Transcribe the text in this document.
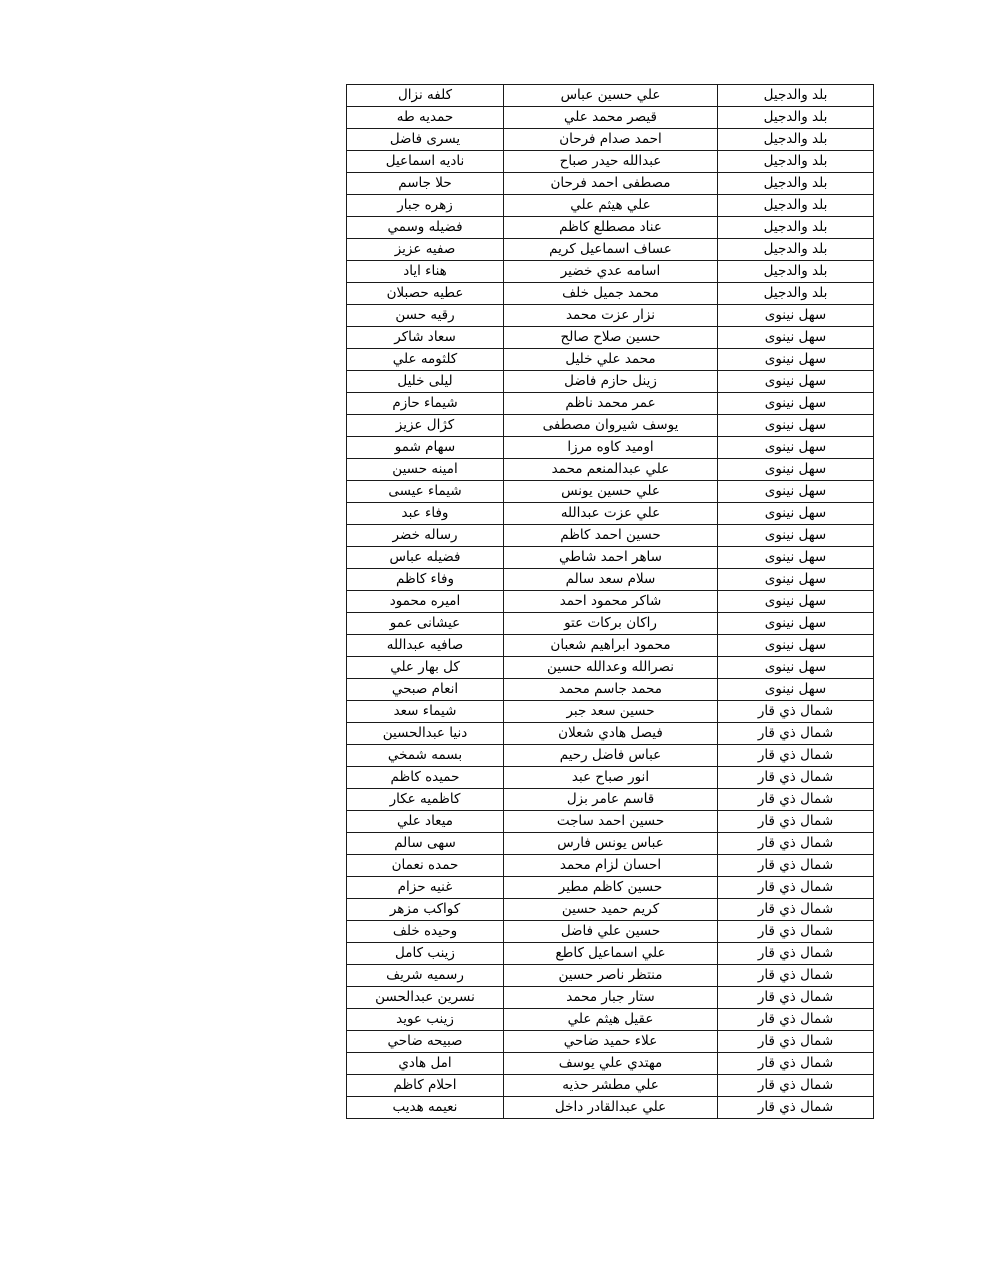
بلد والدجيل	علي حسين عباس	كلفه نزال
بلد والدجيل	قيصر محمد علي	حمديه طه
بلد والدجيل	احمد صدام فرحان	يسرى فاضل
بلد والدجيل	عبدالله حيدر صباح	ناديه اسماعيل
بلد والدجيل	مصطفى احمد فرحان	حلا جاسم
بلد والدجيل	علي هيثم علي	زهره جبار
بلد والدجيل	عناد مصطلع كاظم	فضيله وسمي
بلد والدجيل	عساف اسماعيل كريم	صفيه عزيز
بلد والدجيل	اسامه عدي خضير	هناء اياد
بلد والدجيل	محمد جميل خلف	عطيه حصبلان
سهل نينوى	نزار عزت محمد	رقيه حسن
سهل نينوى	حسين صلاح صالح	سعاد شاكر
سهل نينوى	محمد علي خليل	كلثومه علي
سهل نينوى	زينل حازم فاضل	ليلى خليل
سهل نينوى	عمر محمد ناظم	شيماء حازم
سهل نينوى	يوسف شيروان مصطفى	كژال عزيز
سهل نينوى	اوميد كاوه مرزا	سهام شمو
سهل نينوى	علي عبدالمنعم محمد	امينه حسين
سهل نينوى	علي حسين يونس	شيماء عيسى
سهل نينوى	علي عزت عبدالله	وفاء عبد
سهل نينوى	حسين احمد كاظم	رساله خضر
سهل نينوى	ساهر احمد شاطي	فضيله عباس
سهل نينوى	سلام سعد سالم	وفاء كاظم
سهل نينوى	شاكر محمود احمد	اميره محمود
سهل نينوى	راكان بركات عتو	عيشانى عمو
سهل نينوى	محمود ابراهيم شعبان	صافيه عبدالله
سهل نينوى	نصرالله وعدالله حسين	كل بهار علي
سهل نينوى	محمد جاسم محمد	انعام صبحي
شمال ذي قار	حسين سعد جبر	شيماء سعد
شمال ذي قار	فيصل هادي شعلان	دنيا عبدالحسين
شمال ذي قار	عباس فاضل رحيم	بسمه شمخي
شمال ذي قار	انور صباح عبد	حميده كاظم
شمال ذي قار	قاسم عامر بزل	كاظميه عكار
شمال ذي قار	حسين احمد ساجت	ميعاد علي
شمال ذي قار	عباس يونس فارس	سهى سالم
شمال ذي قار	احسان لزام محمد	حمده نعمان
شمال ذي قار	حسين كاظم مطير	غنيه حزام
شمال ذي قار	كريم حميد حسين	كواكب مزهر
شمال ذي قار	حسين علي فاضل	وحيده خلف
شمال ذي قار	علي اسماعيل كاطع	زينب كامل
شمال ذي قار	منتظر ناصر حسين	رسميه شريف
شمال ذي قار	ستار جبار محمد	نسرين عبدالحسن
شمال ذي قار	عقيل هيثم علي	زينب عويد
شمال ذي قار	علاء حميد ضاحي	صبيحه ضاحي
شمال ذي قار	مهتدي علي يوسف	امل هادي
شمال ذي قار	علي مطشر حذيه	احلام كاظم
شمال ذي قار	علي عبدالقادر داخل	نعيمه هديب
